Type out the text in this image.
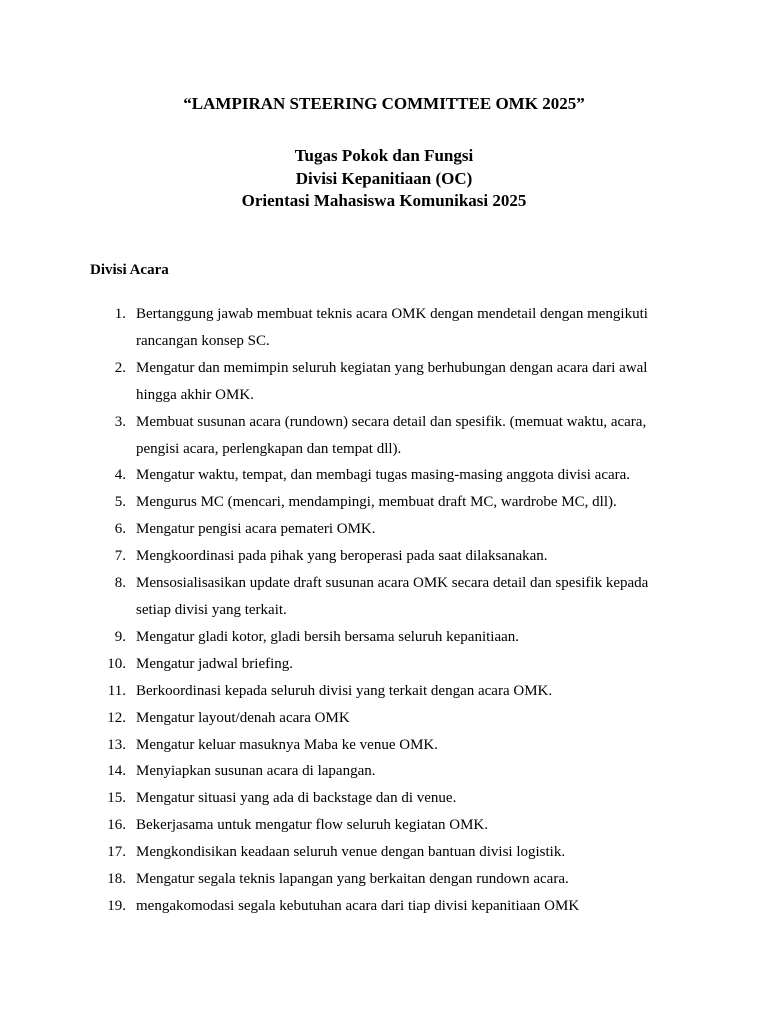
“LAMPIRAN STEERING COMMITTEE OMK 2025”
Tugas Pokok dan Fungsi
Divisi Kepanitiaan (OC)
Orientasi Mahasiswa Komunikasi 2025
Divisi Acara
1. Bertanggung jawab membuat teknis acara OMK dengan mendetail dengan mengikuti rancangan konsep SC.
2. Mengatur dan memimpin seluruh kegiatan yang berhubungan dengan acara dari awal hingga akhir OMK.
3. Membuat susunan acara (rundown) secara detail dan spesifik. (memuat waktu, acara, pengisi acara, perlengkapan dan tempat dll).
4. Mengatur waktu, tempat, dan membagi tugas masing-masing anggota divisi acara.
5. Mengurus MC (mencari, mendampingi, membuat draft MC, wardrobe MC, dll).
6. Mengatur pengisi acara pemateri OMK.
7. Mengkoordinasi pada pihak yang beroperasi pada saat dilaksanakan.
8. Mensosialisasikan update draft susunan acara OMK secara detail dan spesifik kepada setiap divisi yang terkait.
9. Mengatur gladi kotor, gladi bersih bersama seluruh kepanitiaan.
10. Mengatur jadwal briefing.
11. Berkoordinasi kepada seluruh divisi yang terkait dengan acara OMK.
12. Mengatur layout/denah acara OMK
13. Mengatur keluar masuknya Maba ke venue OMK.
14. Menyiapkan susunan acara di lapangan.
15. Mengatur situasi yang ada di backstage dan di venue.
16. Bekerjasama untuk mengatur flow seluruh kegiatan OMK.
17. Mengkondisikan keadaan seluruh venue dengan bantuan divisi logistik.
18. Mengatur segala teknis lapangan yang berkaitan dengan rundown acara.
19. mengakomodasi segala kebutuhan acara dari tiap divisi kepanitiaan OMK
